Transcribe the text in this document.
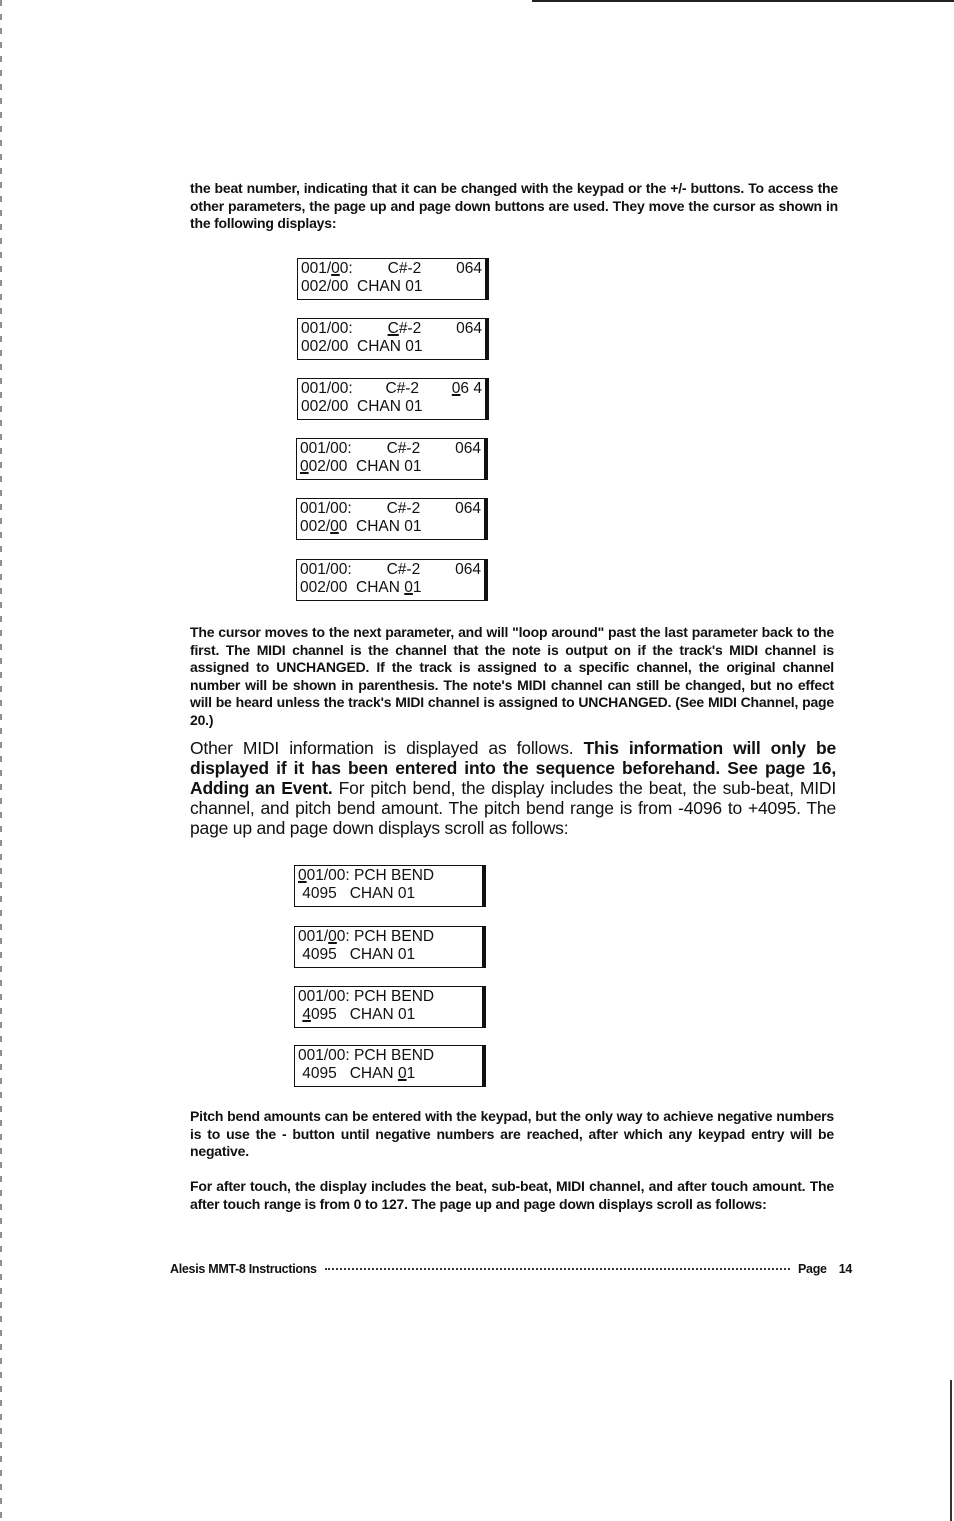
the beat number, indicating that it can be changed with the keypad or the +/- buttons. To access the other parameters, the page up and page down buttons are used. They move the cursor as shown in the following displays:
001/00: C#-2 064
002/00  CHAN 01
001/00: C#-2 064
002/00  CHAN 01
001/00: C#-2 06 4
002/00  CHAN 01
001/00: C#-2 064
002/00  CHAN 01
001/00: C#-2 064
002/00  CHAN 01
001/00: C#-2 064
002/00  CHAN 01
The cursor moves to the next parameter, and will "loop around" past the last parameter back to the first. The MIDI channel is the channel that the note is output on if the track's MIDI channel is assigned to UNCHANGED. If the track is assigned to a specific channel, the original channel number will be shown in parenthesis. The note's MIDI channel can still be changed, but no effect will be heard unless the track's MIDI channel is assigned to UNCHANGED. (See MIDI Channel, page 20.)
Other MIDI information is displayed as follows. This information will only be displayed if it has been entered into the sequence beforehand. See page 16, Adding an Event. For pitch bend, the display includes the beat, the sub-beat, MIDI channel, and pitch bend amount. The pitch bend range is from -4096 to +4095. The page up and page down displays scroll as follows:
001/00: PCH BEND
4095   CHAN 01
001/00: PCH BEND
4095   CHAN 01
001/00: PCH BEND
4095   CHAN 01
001/00: PCH BEND
4095   CHAN 01
Pitch bend amounts can be entered with the keypad, but the only way to achieve negative numbers is to use the - button until negative numbers are reached, after which any keypad entry will be negative.
For after touch, the display includes the beat, sub-beat, MIDI channel, and after touch amount. The after touch range is from 0 to 127. The page up and page down displays scroll as follows:
Alesis MMT-8 Instructions	Page 14
